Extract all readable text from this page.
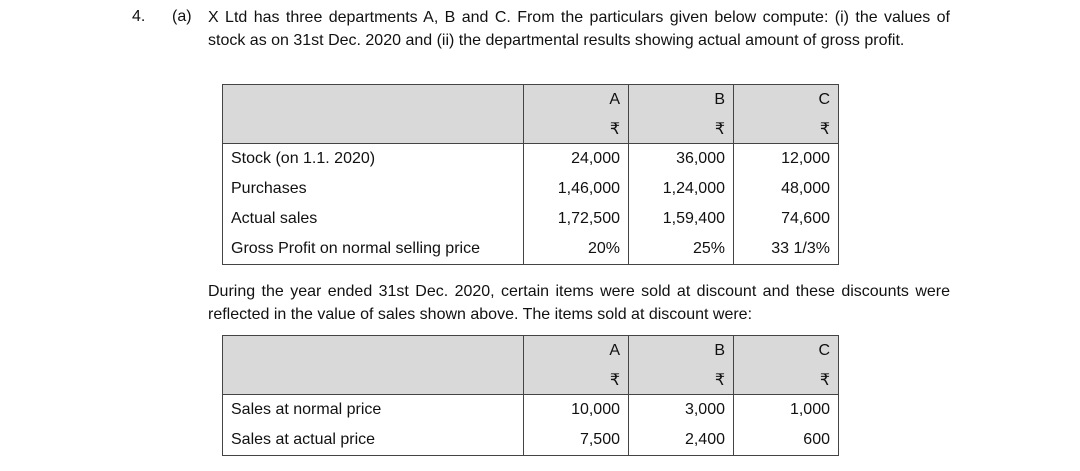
4. (a) X Ltd has three departments A, B and C. From the particulars given below compute: (i) the values of stock as on 31st Dec. 2020 and (ii) the departmental results showing actual amount of gross profit.
	A	B	C
	₹	₹	₹
Stock (on 1.1. 2020)	24,000	36,000	12,000
Purchases	1,46,000	1,24,000	48,000
Actual sales	1,72,500	1,59,400	74,600
Gross Profit on normal selling price	20%	25%	33 1/3%
During the year ended 31st Dec. 2020, certain items were sold at discount and these discounts were reflected in the value of sales shown above. The items sold at discount were:
	A	B	C
	₹	₹	₹
Sales at normal price	10,000	3,000	1,000
Sales at actual price	7,500	2,400	600
